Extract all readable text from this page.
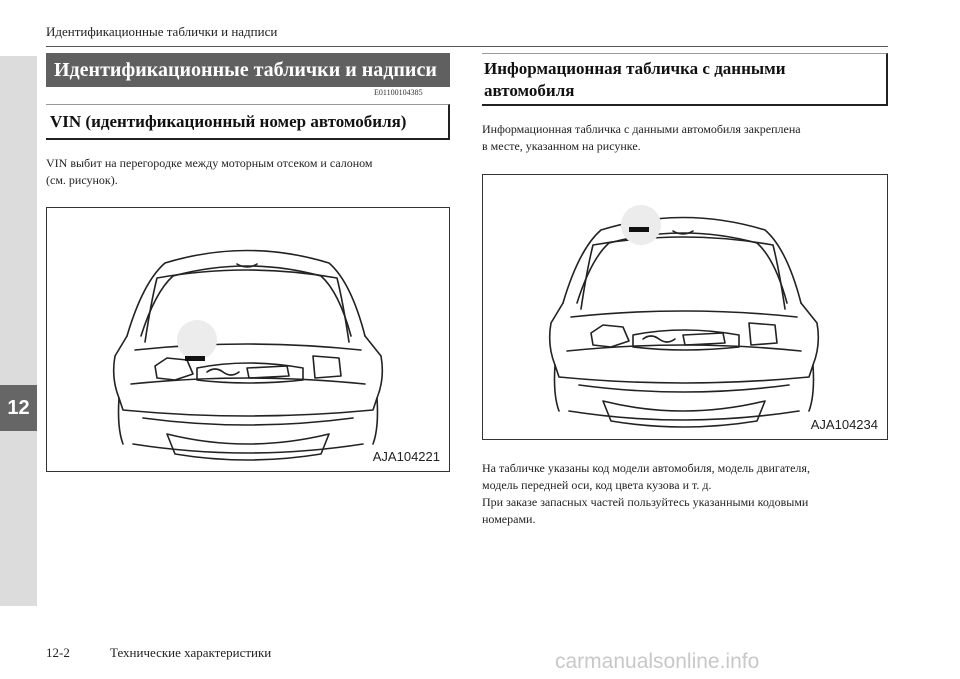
12
Идентификационные таблички и надписи
Идентификационные таблички и надписи
E01100104385
VIN (идентификационный номер автомобиля)
VIN выбит на перегородке между моторным отсеком и салоном
(см. рисунок).
AJA104221
Информационная табличка с данными
автомобиля
Информационная табличка с данными автомобиля закреплена
в месте, указанном на рисунке.
AJA104234
На табличке указаны код модели автомобиля, модель двигателя,
модель передней оси, код цвета кузова и т. д.
При заказе запасных частей пользуйтесь указанными кодовыми
номерами.
12-2	Технические характеристики	carmanualsonline.info
